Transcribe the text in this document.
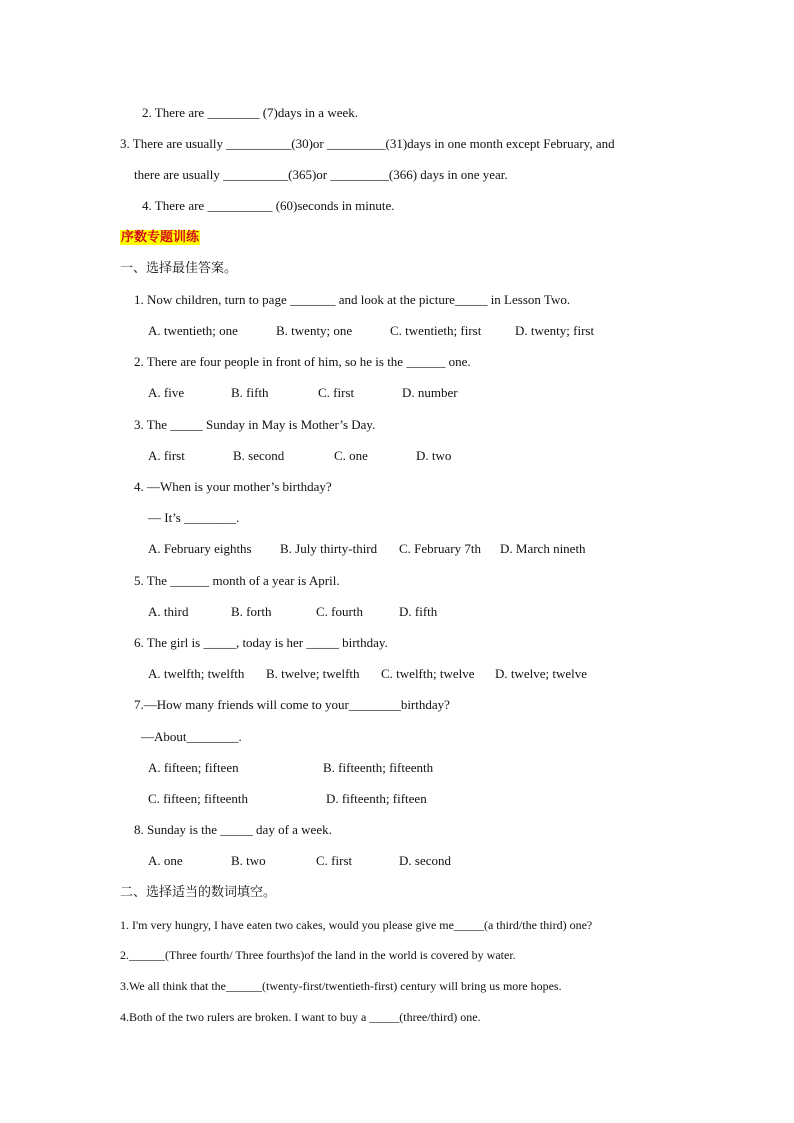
2. There are ________ (7)days in a week.
3. There are usually __________(30)or _________(31)days in one month except February, and
there are usually __________(365)or _________(366) days in one year.
4. There are __________ (60)seconds in minute.
序数专题训练
一、选择最佳答案。
1. Now children, turn to page _______ and look at the picture_____ in Lesson Two.
A. twentieth; one	B. twenty; one	C. twentieth; first	D. twenty; first
2. There are four people in front of him, so he is the ______ one.
A. five	B. fifth	C. first	D. number
3. The _____ Sunday in May is Mother’s Day.
A. first	B. second	C. one	D. two
4. —When is your mother’s birthday?
— It’s ________.
A. February eighths B. July thirty-third C. February 7th D. March nineth
5. The ______ month of a year is April.
A. third	B. forth	C. fourth	D. fifth
6. The girl is _____, today is her _____ birthday.
A. twelfth; twelfth B. twelve; twelfth C. twelfth; twelve D. twelve; twelve
7.—How many friends will come to your________birthday?
—About________.
A. fifteen; fifteen	B. fifteenth; fifteenth
C. fifteen; fifteenth	D. fifteenth; fifteen
8. Sunday is the _____ day of a week.
A. one	B. two	C. first	D. second
二、选择适当的数词填空。
1. I'm very hungry, I have eaten two cakes, would you please give me_____(a third/the third) one?
2.______(Three fourth/ Three fourths)of the land in the world is covered by water.
3.We all think that the______(twenty-first/twentieth-first) century will bring us more hopes.
4.Both of the two rulers are broken. I want to buy a _____(three/third) one.
